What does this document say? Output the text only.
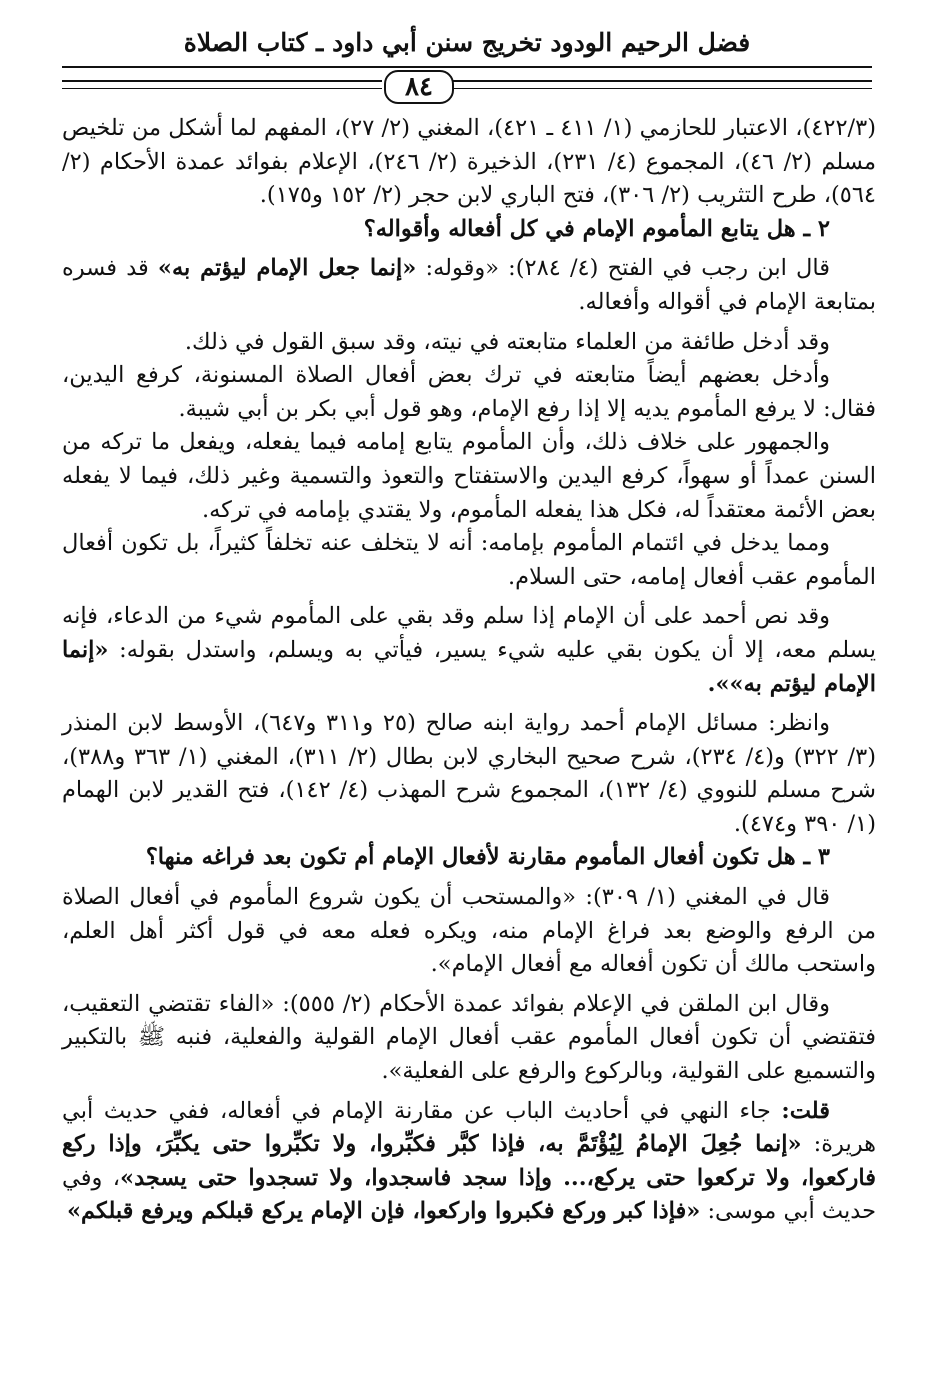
فضل الرحيم الودود تخريج سنن أبي داود ـ كتاب الصلاة
٨٤

(٤٢٢/٣)، الاعتبار للحازمي (١/ ٤١١ ـ ٤٢١)، المغني (٢/ ٢٧)، المفهم لما أشكل من تلخيص مسلم (٢/ ٤٦)، المجموع (٤/ ٢٣١)، الذخيرة (٢/ ٢٤٦)، الإعلام بفوائد عمدة الأحكام (٢/ ٥٦٤)، طرح التثريب (٢/ ٣٠٦)، فتح الباري لابن حجر (٢/ ١٥٢ و١٧٥).

٢ ـ هل يتابع المأموم الإمام في كل أفعاله وأقواله؟

قال ابن رجب في الفتح (٤/ ٢٨٤): «وقوله: «إنما جعل الإمام ليؤتم به» قد فسره بمتابعة الإمام في أقواله وأفعاله.

وقد أدخل طائفة من العلماء متابعته في نيته، وقد سبق القول في ذلك.

وأدخل بعضهم أيضاً متابعته في ترك بعض أفعال الصلاة المسنونة، كرفع اليدين، فقال: لا يرفع المأموم يديه إلا إذا رفع الإمام، وهو قول أبي بكر بن أبي شيبة.

والجمهور على خلاف ذلك، وأن المأموم يتابع إمامه فيما يفعله، ويفعل ما تركه من السنن عمداً أو سهواً، كرفع اليدين والاستفتاح والتعوذ والتسمية وغير ذلك، فيما لا يفعله بعض الأئمة معتقداً له، فكل هذا يفعله المأموم، ولا يقتدي بإمامه في تركه.

ومما يدخل في ائتمام المأموم بإمامه: أنه لا يتخلف عنه تخلفاً كثيراً، بل تكون أفعال المأموم عقب أفعال إمامه، حتى السلام.

وقد نص أحمد على أن الإمام إذا سلم وقد بقي على المأموم شيء من الدعاء، فإنه يسلم معه، إلا أن يكون بقي عليه شيء يسير، فيأتي به ويسلم، واستدل بقوله: «إنما الإمام ليؤتم به»».

وانظر: مسائل الإمام أحمد رواية ابنه صالح (٢٥ و٣١١ و٦٤٧)، الأوسط لابن المنذر (٣/ ٣٢٢) و(٤/ ٢٣٤)، شرح صحيح البخاري لابن بطال (٢/ ٣١١)، المغني (١/ ٣٦٣ و٣٨٨)، شرح مسلم للنووي (٤/ ١٣٢)، المجموع شرح المهذب (٤/ ١٤٢)، فتح القدير لابن الهمام (١/ ٣٩٠ و٤٧٤).

٣ ـ هل تكون أفعال المأموم مقارنة لأفعال الإمام أم تكون بعد فراغه منها؟

قال في المغني (١/ ٣٠٩): «والمستحب أن يكون شروع المأموم في أفعال الصلاة من الرفع والوضع بعد فراغ الإمام منه، ويكره فعله معه في قول أكثر أهل العلم، واستحب مالك أن تكون أفعاله مع أفعال الإمام».

وقال ابن الملقن في الإعلام بفوائد عمدة الأحكام (٢/ ٥٥٥): «الفاء تقتضي التعقيب، فتقتضي أن تكون أفعال المأموم عقب أفعال الإمام القولية والفعلية، فنبه ﷺ بالتكبير والتسميع على القولية، وبالركوع والرفع على الفعلية».

قلت: جاء النهي في أحاديث الباب عن مقارنة الإمام في أفعاله، ففي حديث أبي هريرة: «إنما جُعِلَ الإمامُ لِيُؤْتَمَّ به، فإذا كبَّر فكبِّروا، ولا تكبِّروا حتى يكبِّرَ، وإذا ركع فاركعوا، ولا تركعوا حتى يركع،... وإذا سجد فاسجدوا، ولا تسجدوا حتى يسجد»، وفي حديث أبي موسى: «فإذا كبر وركع فكبروا واركعوا، فإن الإمام يركع قبلكم ويرفع قبلكم»
